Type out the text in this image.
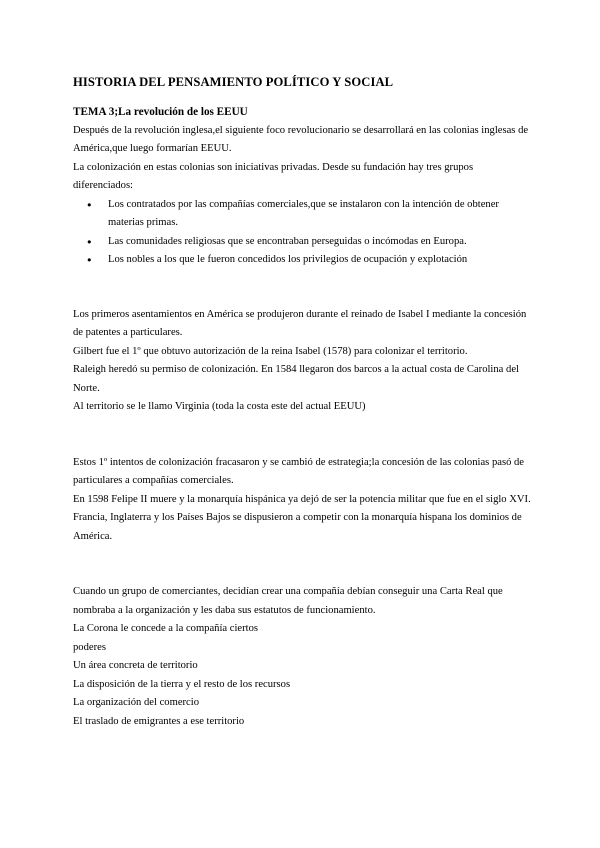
HISTORIA DEL PENSAMIENTO POLÍTICO Y SOCIAL
TEMA 3;La revolución de los EEUU

Después de la revolución inglesa,el siguiente foco revolucionario se desarrollará en las colonias inglesas de América,que luego formarían EEUU.

La colonización en estas colonias son iniciativas privadas. Desde su fundación hay tres grupos diferenciados:

● Los contratados por las compañías comerciales,que se instalaron con la intención de obtener materias primas.
● Las comunidades religiosas que se encontraban perseguidas o incómodas en Europa.
● Los nobles a los que le fueron concedidos los privilegios de ocupación y explotación

Los primeros asentamientos en América se produjeron durante el reinado de Isabel I mediante la concesión de patentes a particulares.

Gilbert fue el 1º que obtuvo autorización de la reina Isabel (1578) para colonizar el territorio.

Raleigh heredó su permiso de colonización. En 1584 llegaron dos barcos a la actual costa de Carolina del Norte.

Al territorio se le llamo Virginia (toda la costa este del actual EEUU)

Estos 1º intentos de colonización fracasaron y se cambió de estrategia;la concesión de las colonias pasó de particulares a compañías comerciales.

En 1598 Felipe II muere y la monarquía hispánica ya dejó de ser la potencia militar que fue en el siglo XVI.

Francia, Inglaterra y los Países Bajos se dispusieron a competir con la monarquía hispana los dominios de América.

Cuando un grupo de comerciantes, decidían crear una compañía debían conseguir una Carta Real que nombraba a la organización y les daba sus estatutos de funcionamiento.

La Corona le concede a la compañía ciertos

poderes

Un área concreta de territorio

La disposición de la tierra y el resto de los recursos

La organización del comercio

El traslado de emigrantes a ese territorio
